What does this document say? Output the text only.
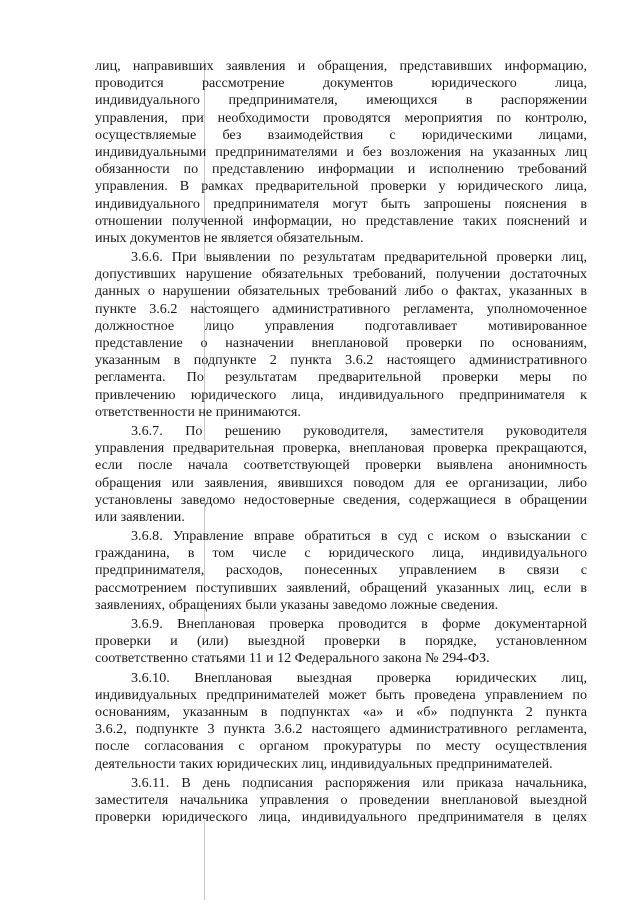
лиц, направивших заявления и обращения, представивших информацию,
проводится рассмотрение документов юридического лица,
индивидуального предпринимателя, имеющихся в распоряжении
управления, при необходимости проводятся мероприятия по контролю,
осуществляемые без взаимодействия с юридическими лицами,
индивидуальными предпринимателями и без возложения на указанных лиц
обязанности по представлению информации и исполнению требований
управления. В рамках предварительной проверки у юридического лица,
индивидуального предпринимателя могут быть запрошены пояснения в
отношении полученной информации, но представление таких пояснений и
иных документов не является обязательным.
3.6.6. При выявлении по результатам предварительной проверки лиц,
допустивших нарушение обязательных требований, получении достаточных
данных о нарушении обязательных требований либо о фактах, указанных в
пункте 3.6.2 настоящего административного регламента, уполномоченное
должностное лицо управления подготавливает мотивированное
представление о назначении внеплановой проверки по основаниям,
указанным в подпункте 2 пункта 3.6.2 настоящего административного
регламента. По результатам предварительной проверки меры по
привлечению юридического лица, индивидуального предпринимателя к
ответственности не принимаются.
3.6.7. По решению руководителя, заместителя руководителя
управления предварительная проверка, внеплановая проверка прекращаются,
если после начала соответствующей проверки выявлена анонимность
обращения или заявления, явившихся поводом для ее организации, либо
установлены заведомо недостоверные сведения, содержащиеся в обращении
или заявлении.
3.6.8. Управление вправе обратиться в суд с иском о взыскании с
гражданина, в том числе с юридического лица, индивидуального
предпринимателя, расходов, понесенных управлением в связи с
рассмотрением поступивших заявлений, обращений указанных лиц, если в
заявлениях, обращениях были указаны заведомо ложные сведения.
3.6.9. Внеплановая проверка проводится в форме документарной
проверки и (или) выездной проверки в порядке, установленном
соответственно статьями 11 и 12 Федерального закона № 294-ФЗ.
3.6.10. Внеплановая выездная проверка юридических лиц,
индивидуальных предпринимателей может быть проведена управлением по
основаниям, указанным в подпунктах «а» и «б» подпункта 2 пункта
3.6.2, подпункте 3 пункта 3.6.2 настоящего административного регламента,
после согласования с органом прокуратуры по месту осуществления
деятельности таких юридических лиц, индивидуальных предпринимателей.
3.6.11. В день подписания распоряжения или приказа начальника,
заместителя начальника управления о проведении внеплановой выездной
проверки юридического лица, индивидуального предпринимателя в целях
